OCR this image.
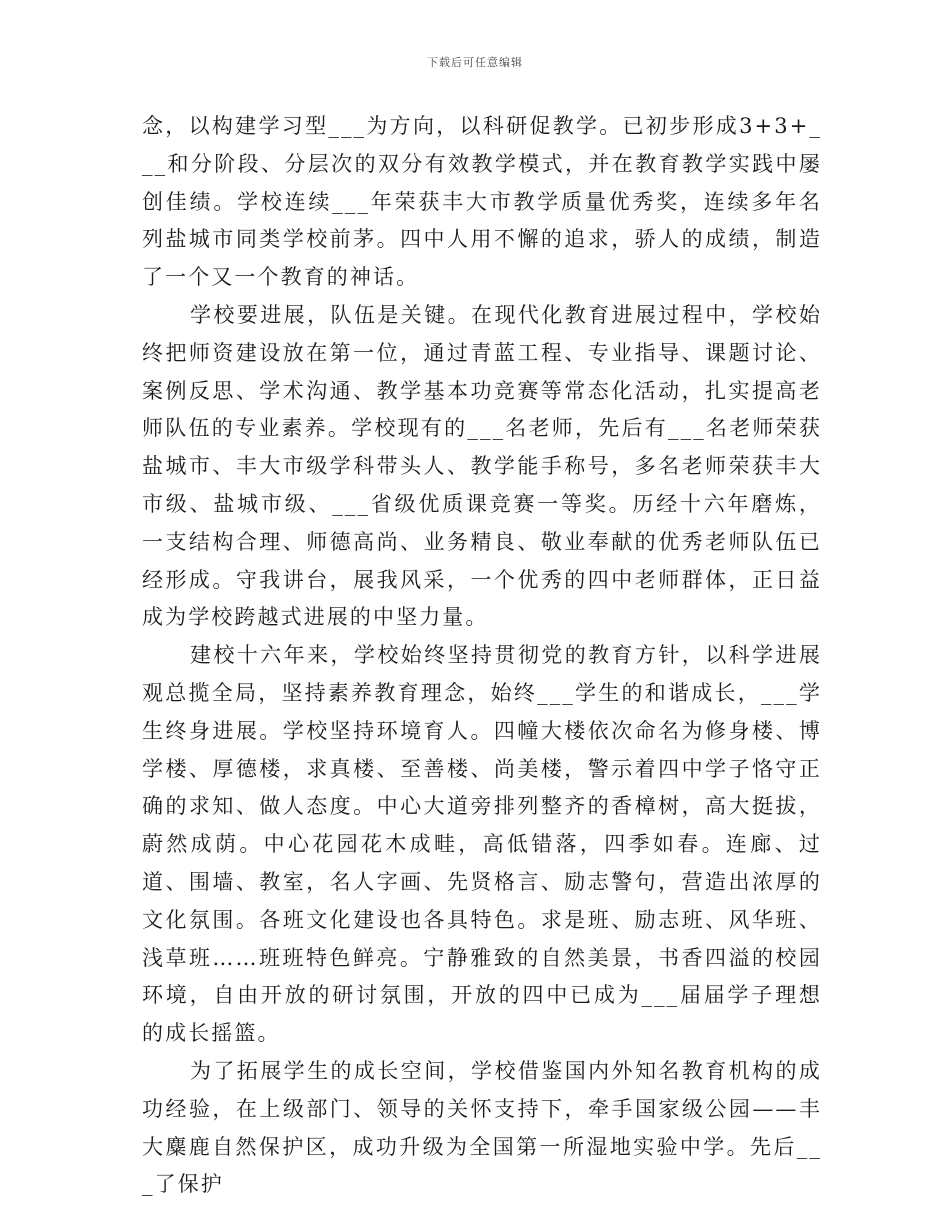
下载后可任意编辑

念，以构建学习型___为方向，以科研促教学。已初步形成3+3+___和分阶段、分层次的双分有效教学模式，并在教育教学实践中屡创佳绩。学校连续___年荣获丰大市教学质量优秀奖，连续多年名列盐城市同类学校前茅。四中人用不懈的追求，骄人的成绩，制造了一个又一个教育的神话。

学校要进展，队伍是关键。在现代化教育进展过程中，学校始终把师资建设放在第一位，通过青蓝工程、专业指导、课题讨论、案例反思、学术沟通、教学基本功竞赛等常态化活动，扎实提高老师队伍的专业素养。学校现有的___名老师，先后有___名老师荣获盐城市、丰大市级学科带头人、教学能手称号，多名老师荣获丰大市级、盐城市级、___省级优质课竞赛一等奖。历经十六年磨炼，一支结构合理、师德高尚、业务精良、敬业奉献的优秀老师队伍已经形成。守我讲台，展我风采，一个优秀的四中老师群体，正日益成为学校跨越式进展的中坚力量。

建校十六年来，学校始终坚持贯彻党的教育方针，以科学进展观总揽全局，坚持素养教育理念，始终___学生的和谐成长，___学生终身进展。学校坚持环境育人。四幢大楼依次命名为修身楼、博学楼、厚德楼，求真楼、至善楼、尚美楼，警示着四中学子恪守正确的求知、做人态度。中心大道旁排列整齐的香樟树，高大挺拔，蔚然成荫。中心花园花木成畦，高低错落，四季如春。连廊、过道、围墙、教室，名人字画、先贤格言、励志警句，营造出浓厚的文化氛围。各班文化建设也各具特色。求是班、励志班、风华班、浅草班……班班特色鲜亮。宁静雅致的自然美景，书香四溢的校园环境，自由开放的研讨氛围，开放的四中已成为___届届学子理想的成长摇篮。

为了拓展学生的成长空间，学校借鉴国内外知名教育机构的成功经验，在上级部门、领导的关怀支持下，牵手国家级公园——丰大麋鹿自然保护区，成功升级为全国第一所湿地实验中学。先后___了保护
